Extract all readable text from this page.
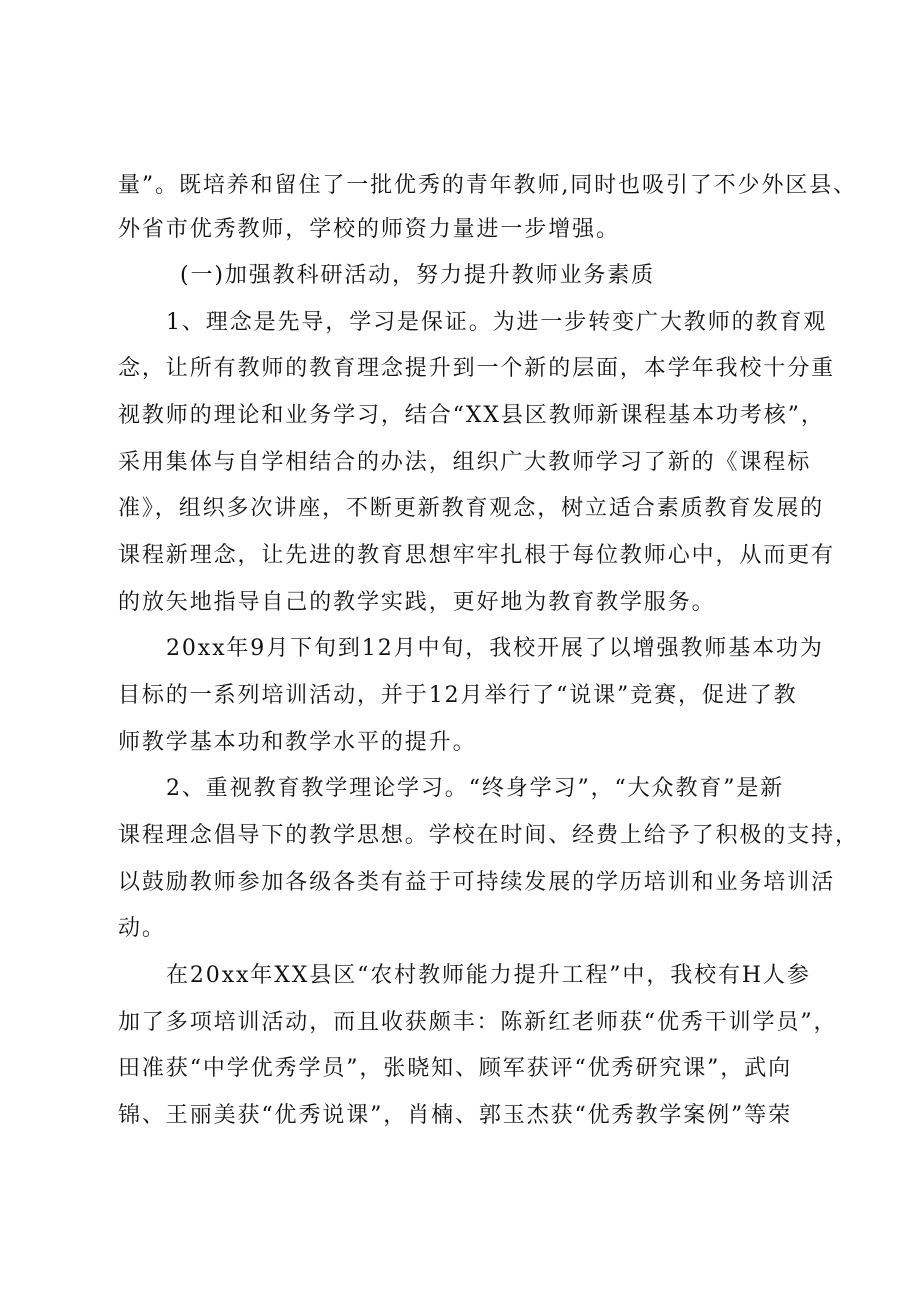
量”。既培养和留住了一批优秀的青年教师,同时也吸引了不少外区县、
外省市优秀教师，学校的师资力量进一步增强。
(一)加强教科研活动，努力提升教师业务素质
1、理念是先导，学习是保证。为进一步转变广大教师的教育观
念，让所有教师的教育理念提升到一个新的层面，本学年我校十分重
视教师的理论和业务学习，结合“XX县区教师新课程基本功考核”，
采用集体与自学相结合的办法，组织广大教师学习了新的《课程标
准》，组织多次讲座，不断更新教育观念，树立适合素质教育发展的
课程新理念，让先进的教育思想牢牢扎根于每位教师心中，从而更有
的放矢地指导自己的教学实践，更好地为教育教学服务。
20xx年9月下旬到12月中旬，我校开展了以增强教师基本功为
目标的一系列培训活动，并于12月举行了“说课”竞赛，促进了教
师教学基本功和教学水平的提升。
2、重视教育教学理论学习。“终身学习”，“大众教育”是新
课程理念倡导下的教学思想。学校在时间、经费上给予了积极的支持，
以鼓励教师参加各级各类有益于可持续发展的学历培训和业务培训活
动。
在20xx年XX县区“农村教师能力提升工程”中，我校有H人参
加了多项培训活动，而且收获颇丰：陈新红老师获“优秀干训学员”，
田准获“中学优秀学员”，张晓知、顾军获评“优秀研究课”，武向
锦、王丽美获“优秀说课”，肖楠、郭玉杰获“优秀教学案例”等荣
